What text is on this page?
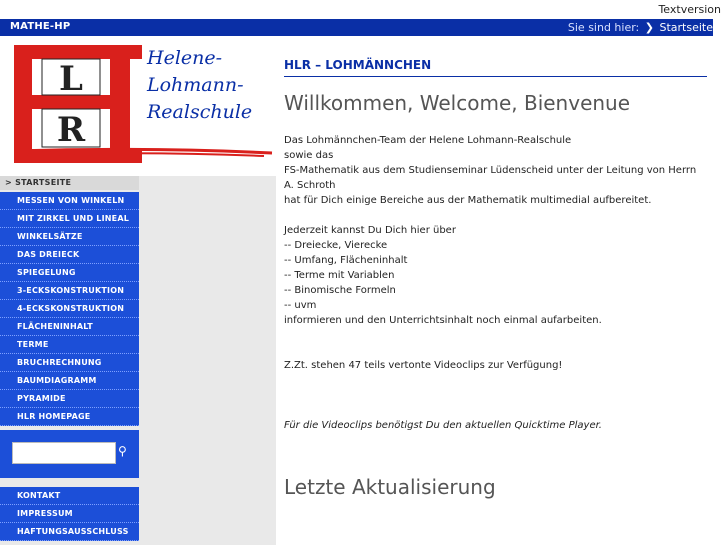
Textversion
MATHE-HP	Sie sind hier: ❯ Startseite
L
R
Helene-
Lohmann-
Realschule
> STARTSEITE
MESSEN VON WINKELN
MIT ZIRKEL UND LINEAL
WINKELSÄTZE
DAS DREIECK
SPIEGELUNG
3-ECKSKONSTRUKTION
4-ECKSKONSTRUKTION
FLÄCHENINHALT
TERME
BRUCHRECHNUNG
BAUMDIAGRAMM
PYRAMIDE
HLR HOMEPAGE
⚲
KONTAKT
IMPRESSUM
HAFTUNGSAUSSCHLUSS
HLR – LOHMÄNNCHEN
Willkommen, Welcome, Bienvenue
Das Lohmännchen-Team der Helene Lohmann-Realschule
sowie das
FS-Mathematik aus dem Studienseminar Lüdenscheid unter der Leitung von Herrn A. Schroth
hat für Dich einige Bereiche aus der Mathematik multimedial aufbereitet.
Jederzeit kannst Du Dich hier über
-- Dreiecke, Vierecke
-- Umfang, Flächeninhalt
-- Terme mit Variablen
-- Binomische Formeln
-- uvm
informieren und den Unterrichtsinhalt noch einmal aufarbeiten.
Z.Zt. stehen 47 teils vertonte Videoclips zur Verfügung!
Für die Videoclips benötigst Du den aktuellen Quicktime Player.
Letzte Aktualisierung
